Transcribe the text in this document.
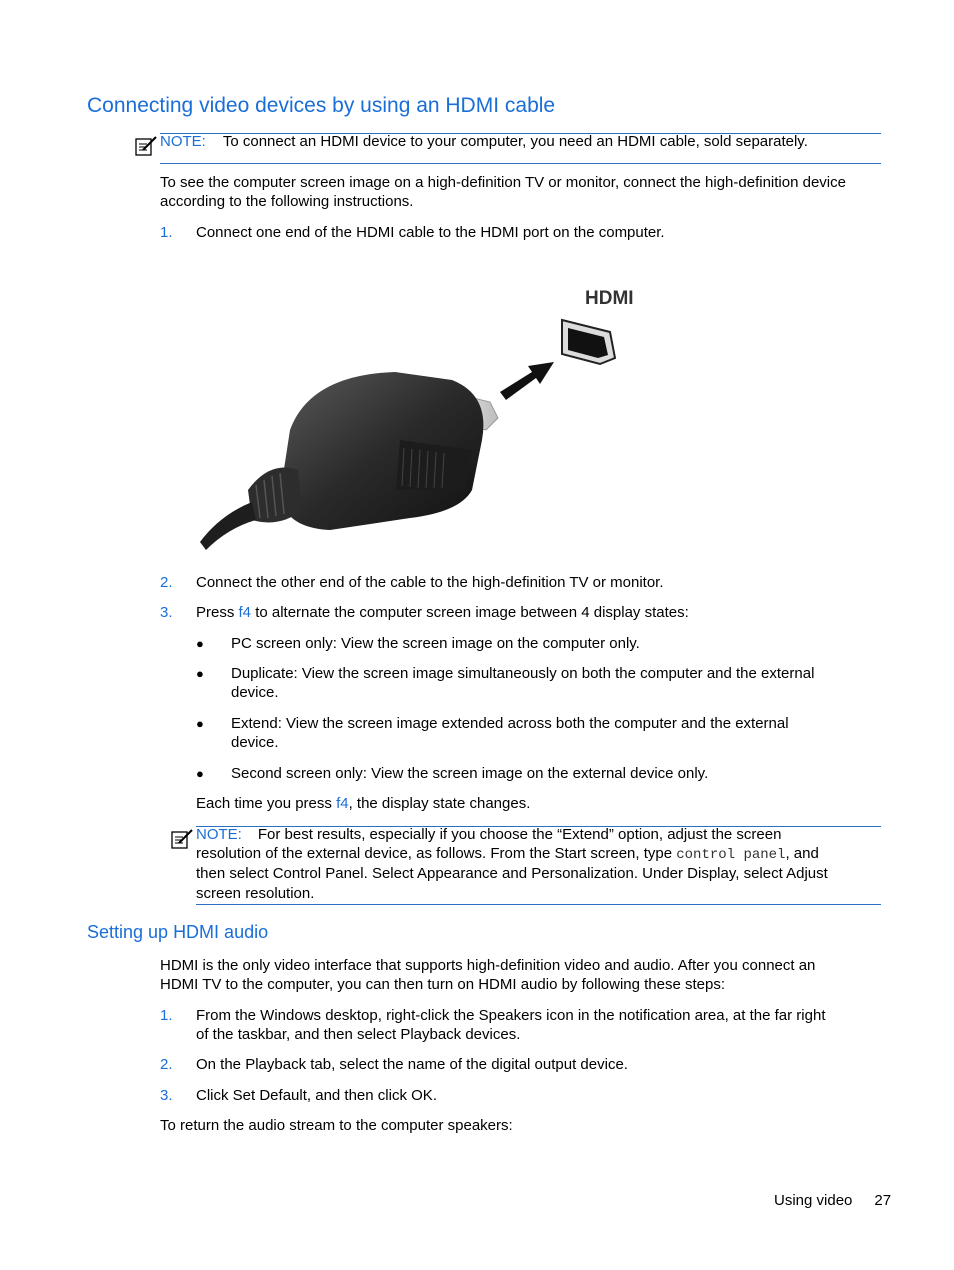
Connecting video devices by using an HDMI cable
NOTE: To connect an HDMI device to your computer, you need an HDMI cable, sold separately.
To see the computer screen image on a high-definition TV or monitor, connect the high-definition device according to the following instructions.
1. Connect one end of the HDMI cable to the HDMI port on the computer.
HDMI
2. Connect the other end of the cable to the high-definition TV or monitor.
3. Press f4 to alternate the computer screen image between 4 display states:
● PC screen only: View the screen image on the computer only.
● Duplicate: View the screen image simultaneously on both the computer and the external
device.
● Extend: View the screen image extended across both the computer and the external
device.
● Second screen only: View the screen image on the external device only.
Each time you press f4, the display state changes.
NOTE: For best results, especially if you choose the “Extend” option, adjust the screen
resolution of the external device, as follows. From the Start screen, type control panel, and
then select Control Panel. Select Appearance and Personalization. Under Display, select Adjust
screen resolution.
Setting up HDMI audio
HDMI is the only video interface that supports high-definition video and audio. After you connect an
HDMI TV to the computer, you can then turn on HDMI audio by following these steps:
1. From the Windows desktop, right-click the Speakers icon in the notification area, at the far right
of the taskbar, and then select Playback devices.
2. On the Playback tab, select the name of the digital output device.
3. Click Set Default, and then click OK.
To return the audio stream to the computer speakers:
Using video 27
